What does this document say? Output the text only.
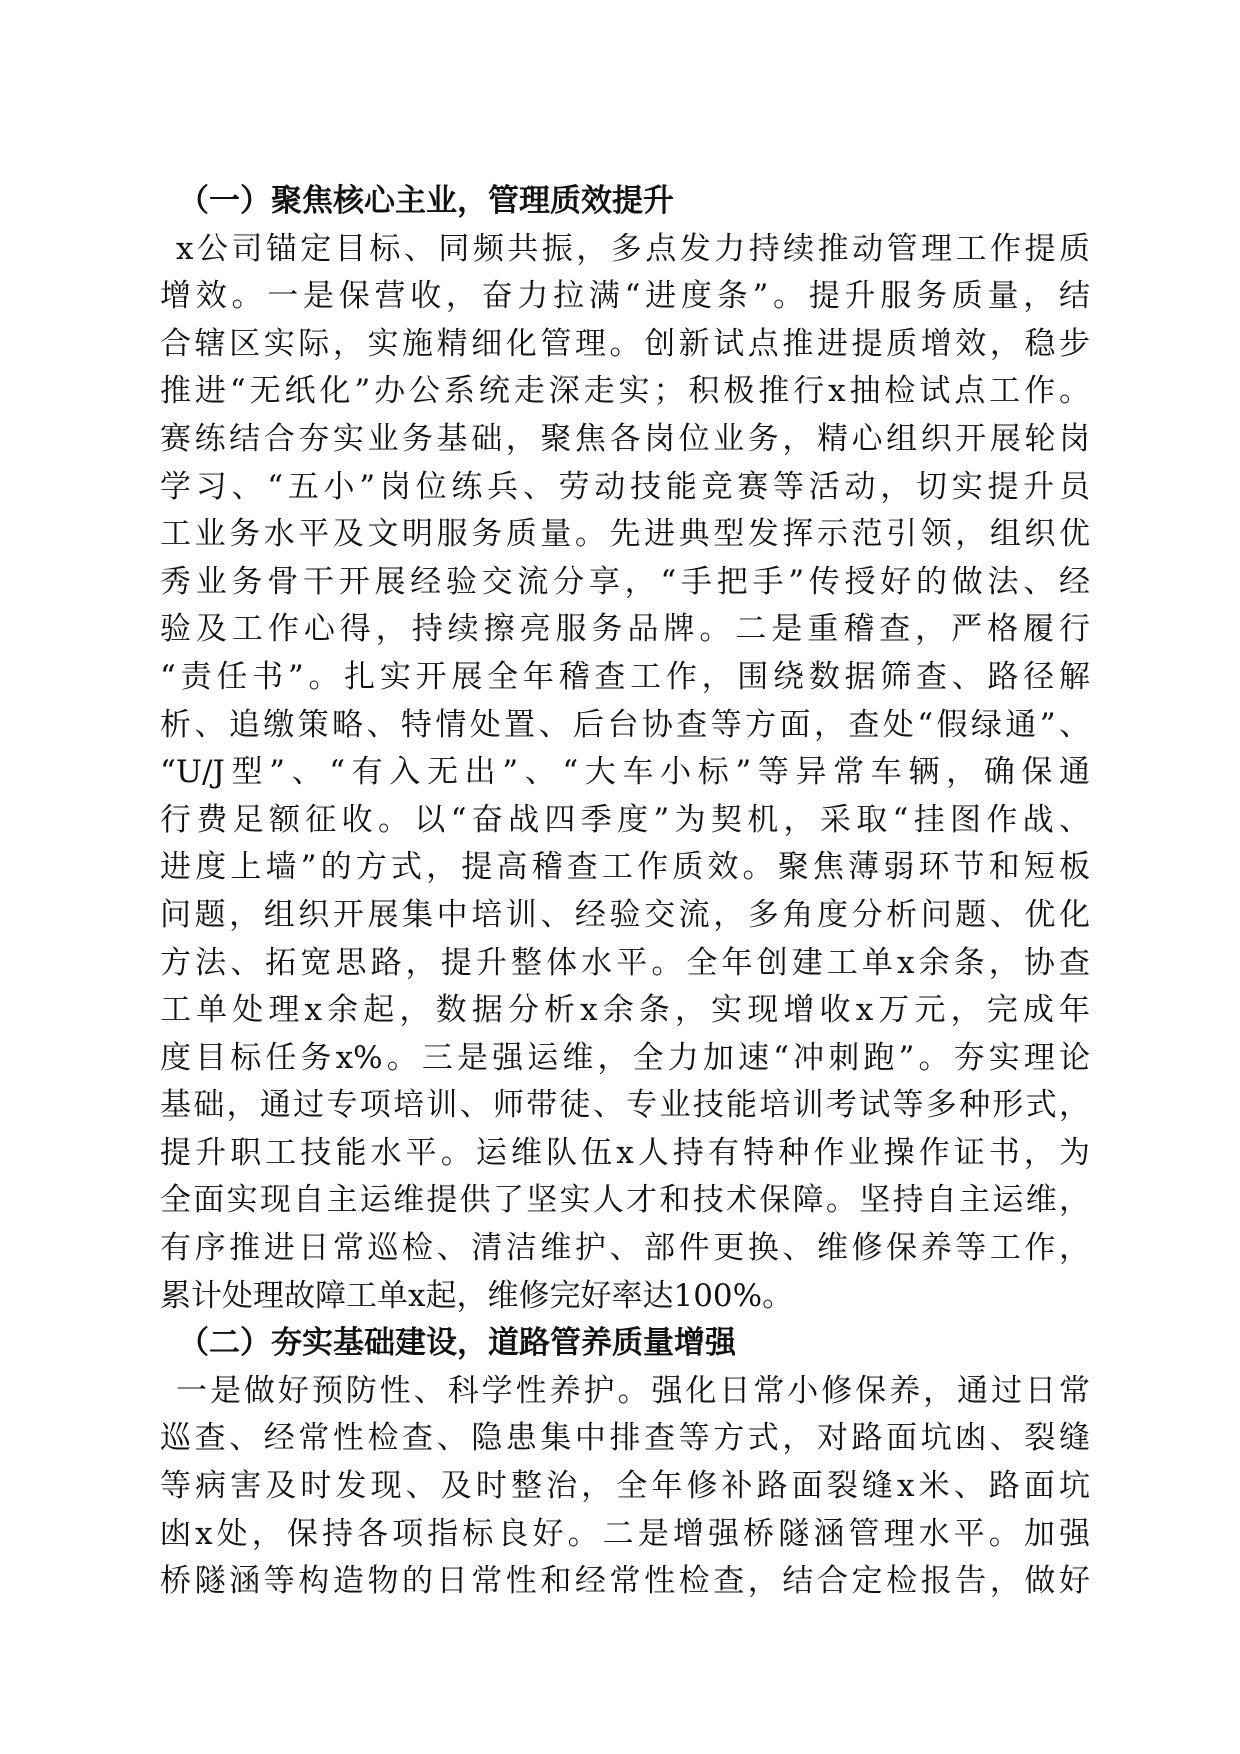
（一）聚焦核心主业，管理质效提升
x公司锚定目标、同频共振，多点发力持续推动管理工作提质
增效。一是保营收，奋力拉满“进度条”。提升服务质量，结
合辖区实际，实施精细化管理。创新试点推进提质增效，稳步
推进“无纸化”办公系统走深走实；积极推行x抽检试点工作。
赛练结合夯实业务基础，聚焦各岗位业务，精心组织开展轮岗
学习、“五小”岗位练兵、劳动技能竞赛等活动，切实提升员
工业务水平及文明服务质量。先进典型发挥示范引领，组织优
秀业务骨干开展经验交流分享，“手把手”传授好的做法、经
验及工作心得，持续擦亮服务品牌。二是重稽查，严格履行
“责任书”。扎实开展全年稽查工作，围绕数据筛查、路径解
析、追缴策略、特情处置、后台协查等方面，查处“假绿通”、
“U/J型”、“有入无出”、“大车小标”等异常车辆，确保通
行费足额征收。以“奋战四季度”为契机，采取“挂图作战、
进度上墙”的方式，提高稽查工作质效。聚焦薄弱环节和短板
问题，组织开展集中培训、经验交流，多角度分析问题、优化
方法、拓宽思路，提升整体水平。全年创建工单x余条，协查
工单处理x余起，数据分析x余条，实现增收x万元，完成年
度目标任务x%。三是强运维，全力加速“冲刺跑”。夯实理论
基础，通过专项培训、师带徒、专业技能培训考试等多种形式，
提升职工技能水平。运维队伍x人持有特种作业操作证书，为
全面实现自主运维提供了坚实人才和技术保障。坚持自主运维，
有序推进日常巡检、清洁维护、部件更换、维修保养等工作，
累计处理故障工单x起，维修完好率达100%。
（二）夯实基础建设，道路管养质量增强
一是做好预防性、科学性养护。强化日常小修保养，通过日常
巡查、经常性检查、隐患集中排查等方式，对路面坑凼、裂缝
等病害及时发现、及时整治，全年修补路面裂缝x米、路面坑
凼x处，保持各项指标良好。二是增强桥隧涵管理水平。加强
桥隧涵等构造物的日常性和经常性检查，结合定检报告，做好
